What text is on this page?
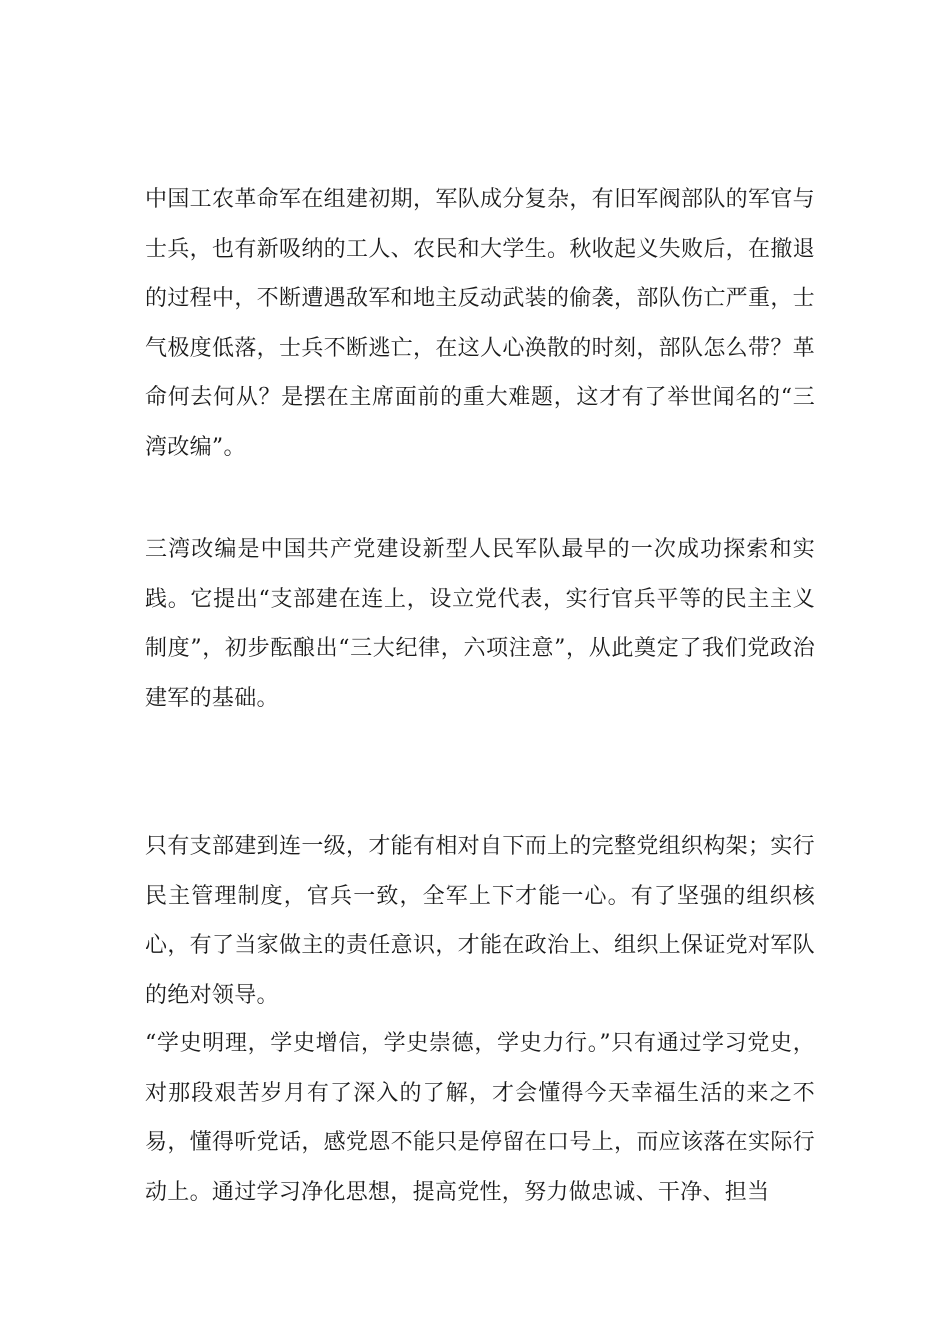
中国工农革命军在组建初期，军队成分复杂，有旧军阀部队的军官与士兵，也有新吸纳的工人、农民和大学生。秋收起义失败后，在撤退的过程中，不断遭遇敌军和地主反动武装的偷袭，部队伤亡严重，士气极度低落，士兵不断逃亡，在这人心涣散的时刻，部队怎么带？革命何去何从？是摆在主席面前的重大难题，这才有了举世闻名的“三湾改编”。

三湾改编是中国共产党建设新型人民军队最早的一次成功探索和实践。它提出“支部建在连上，设立党代表，实行官兵平等的民主主义制度”，初步酝酿出“三大纪律，六项注意”，从此奠定了我们党政治建军的基础。

只有支部建到连一级，才能有相对自下而上的完整党组织构架；实行民主管理制度，官兵一致，全军上下才能一心。有了坚强的组织核心，有了当家做主的责任意识，才能在政治上、组织上保证党对军队的绝对领导。

“学史明理，学史增信，学史崇德，学史力行。”只有通过学习党史，对那段艰苦岁月有了深入的了解，才会懂得今天幸福生活的来之不易，懂得听党话，感党恩不能只是停留在口号上，而应该落在实际行动上。通过学习净化思想，提高党性，努力做忠诚、干净、担当
